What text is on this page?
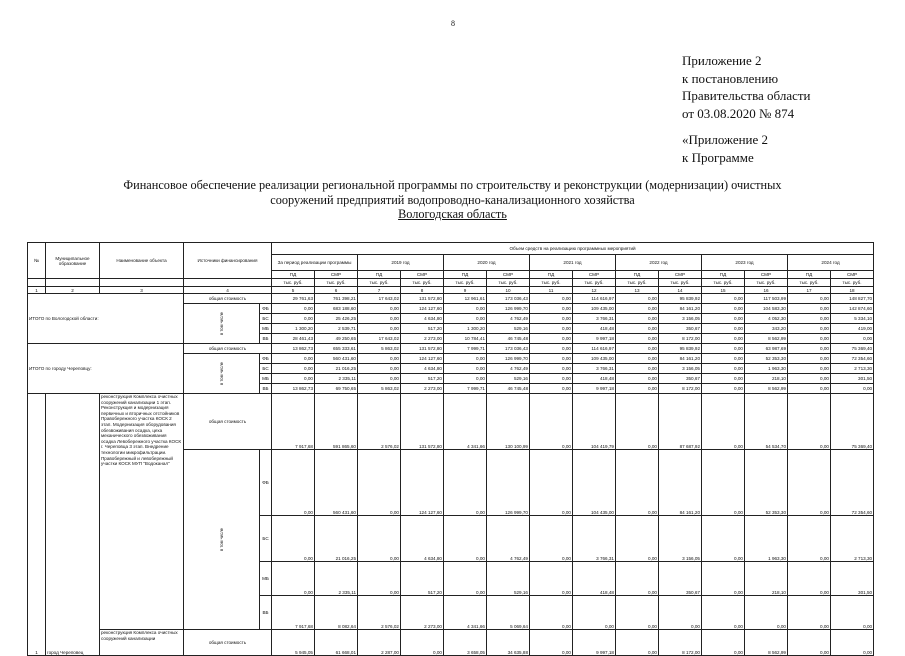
8
Приложение 2
к постановлению
Правительства области
от 03.08.2020 № 874
«Приложение 2
к Программе
Финансовое обеспечение реализации региональной программы по строительству и реконструкции (модернизации) очистных
сооружений предприятий водопроводно-канализационного хозяйства
Вологодская область
№	Муниципальное образование	Наименование объекта	Источники финансирования		Объем средств на реализацию программных мероприятий													
					За период реализации программы		2019 год		2020 год		2021 год		2022 год		2023 год		2024 год	
					ПД	СМР	ПД	СМР	ПД	СМР	ПД	СМР	ПД	СМР	ПД	СМР	ПД	СМР
					тыс. руб.	тыс. руб.	тыс. руб.	тыс. руб.	тыс. руб.	тыс. руб.	тыс. руб.	тыс. руб.	тыс. руб.	тыс. руб.	тыс. руб.	тыс. руб.	тыс. руб.	тыс. руб.
1	2	3	4		5	6	7	8	9	10	11	12	13	14	15	16	17	18
ИТОГО по Вологодской области:			общая стоимость		29 761,63	761 398,21	17 643,02	131 572,80	12 961,61	173 036,43	0,00	114 616,97	0,00	95 839,92	0,00	117 503,99	0,00	148 827,70
			в том числе	ФБ	0,00	683 188,60	0,00	124 127,60	0,00	126 999,70	0,00	109 435,00	0,00	84 161,20	0,00	104 583,30	0,00	142 874,60
				БС	0,00	25 426,25	0,00	4 634,80	0,00	4 762,49	0,00	3 766,31	0,00	3 156,05	0,00	4 052,30	0,00	5 334,10
				МБ	1 300,20	2 539,71	0,00	517,20	1 300,20	529,16	0,00	418,48	0,00	350,67	0,00	343,20	0,00	419,00
				ВБ	28 461,43	49 250,65	17 643,02	2 273,00	10 784,41	46 745,48	0,00	9 997,18	0,00	8 172,00	0,00	8 562,99	0,00	0,00
ИТОГО по городу Череповцу:			общая стоимость		13 862,73	655 333,61	5 863,02	131 572,80	7 999,71	173 036,43	0,00	114 616,97	0,00	95 839,92	0,00	63 987,69	0,00	75 369,40
			в том числе	ФБ	0,00	560 431,60	0,00	124 127,60	0,00	126 999,70	0,00	109 435,00	0,00	84 161,20	0,00	52 353,30	0,00	72 354,60
				БС	0,00	21 016,25	0,00	4 634,80	0,00	4 762,49	0,00	3 766,31	0,00	3 156,05	0,00	1 963,30	0,00	2 713,30
				МБ	0,00	2 335,11	0,00	517,20	0,00	529,16	0,00	418,48	0,00	350,67	0,00	218,10	0,00	301,50
				ВБ	13 862,73	69 750,65	5 863,02	2 273,00	7 999,71	46 745,48	0,00	9 997,18	0,00	8 172,00	0,00	8 562,99	0,00	0,00
1	город Череповец	реконструкция Комплекса очистных сооружений канализации 1 этап. Реконструкция и модернизация первичных и вторичных отстойников Правобережного участка КОСК 2 этап. Модернизация оборудования обезвоживания осадка, цеха механического обезвоживания осадка Левобережного участка КОСК г. Череповца 3 этап. Внедрение технологии микрофильтрации. Правобережный и левобережный участки КОСК МУП "Водоканал"	общая стоимость		7 917,68	591 865,60	2 576,02	131 572,80	4 341,66	130 100,99	0,00	104 419,79	0,00	87 687,92	0,00	54 534,70	0,00	75 369,40
			в том числе	ФБ	0,00	560 431,60	0,00	124 127,60	0,00	126 999,70	0,00	104 435,00	0,00	84 161,20	0,00	52 353,30	0,00	72 354,60
				БС	0,00	21 016,25	0,00	4 634,80	0,00	4 762,49	0,00	3 766,31	0,00	3 156,05	0,00	1 963,30	0,00	2 713,30
				МБ	0,00	2 335,11	0,00	517,20	0,00	529,16	0,00	418,48	0,00	350,67	0,00	218,10	0,00	301,50
				ВБ	7 917,68	8 082,64	2 576,02	2 273,00	4 341,66	5 069,64	0,00	0,00	0,00	0,00	0,00	0,00	0,00	0,00

		реконструкция Комплекса очистных сооружений канализации	общая стоимость		5 945,05	61 668,01	2 287,00	0,00	3 658,05	34 635,88	0,00	9 997,18	0,00	8 172,00	0,00	8 562,99	0,00	0,00
